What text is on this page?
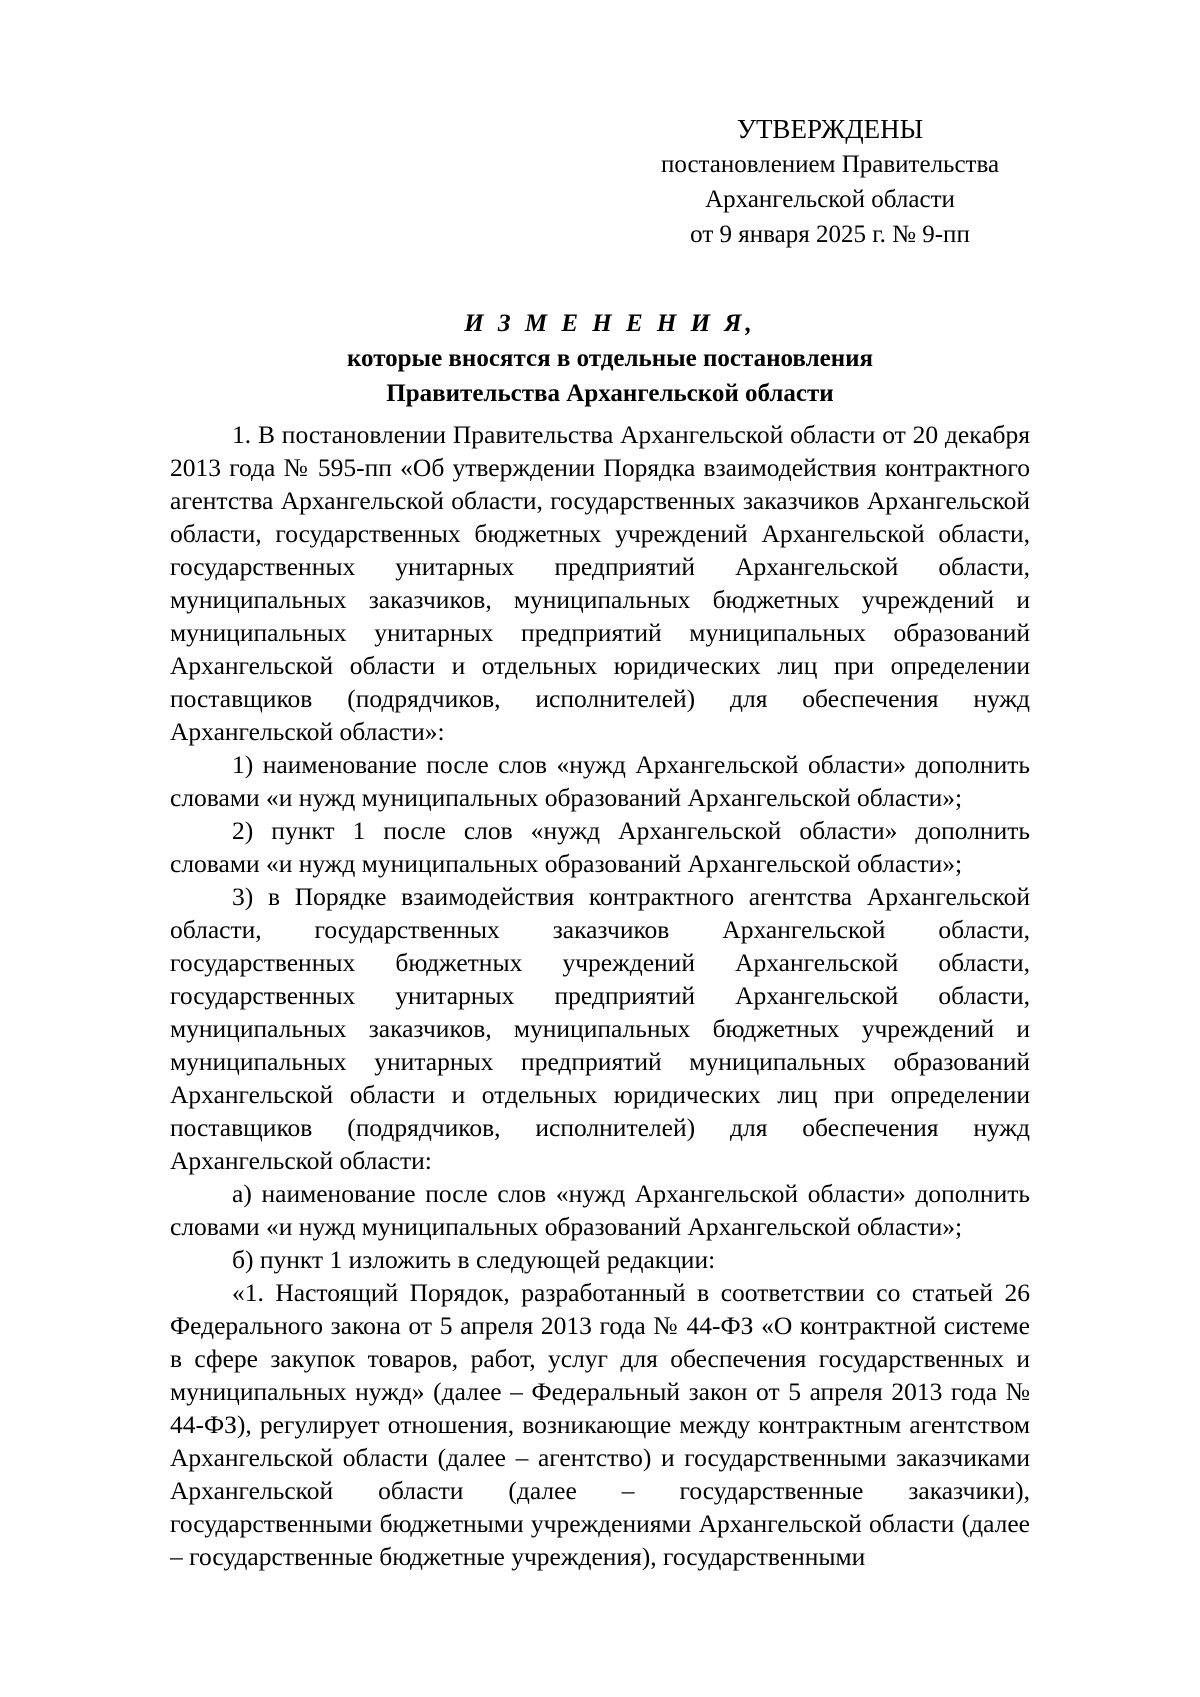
УТВЕРЖДЕНЫ
постановлением Правительства
Архангельской области
от 9 января 2025 г. № 9-пп
И З М Е Н Е Н И Я,
которые вносятся в отдельные постановления
Правительства Архангельской области

1. В постановлении Правительства Архангельской области от 20 декабря 2013 года № 595-пп «Об утверждении Порядка взаимодействия контрактного агентства Архангельской области, государственных заказчиков Архангельской области, государственных бюджетных учреждений Архангельской области, государственных унитарных предприятий Архангельской области, муниципальных заказчиков, муниципальных бюджетных учреждений и муниципальных унитарных предприятий муниципальных образований Архангельской области и отдельных юридических лиц при определении поставщиков (подрядчиков, исполнителей) для обеспечения нужд Архангельской области»:

1) наименование после слов «нужд Архангельской области» дополнить словами «и нужд муниципальных образований Архангельской области»;

2) пункт 1 после слов «нужд Архангельской области» дополнить словами «и нужд муниципальных образований Архангельской области»;

3) в Порядке взаимодействия контрактного агентства Архангельской области, государственных заказчиков Архангельской области, государственных бюджетных учреждений Архангельской области, государственных унитарных предприятий Архангельской области, муниципальных заказчиков, муниципальных бюджетных учреждений и муниципальных унитарных предприятий муниципальных образований Архангельской области и отдельных юридических лиц при определении поставщиков (подрядчиков, исполнителей) для обеспечения нужд Архангельской области:

а) наименование после слов «нужд Архангельской области» дополнить словами «и нужд муниципальных образований Архангельской области»;

б) пункт 1 изложить в следующей редакции:

«1. Настоящий Порядок, разработанный в соответствии со статьей 26 Федерального закона от 5 апреля 2013 года № 44-ФЗ «О контрактной системе в сфере закупок товаров, работ, услуг для обеспечения государственных и муниципальных нужд» (далее – Федеральный закон от 5 апреля 2013 года № 44-ФЗ), регулирует отношения, возникающие между контрактным агентством Архангельской области (далее – агентство) и государственными заказчиками Архангельской области (далее – государственные заказчики), государственными бюджетными учреждениями Архангельской области (далее – государственные бюджетные учреждения), государственными
